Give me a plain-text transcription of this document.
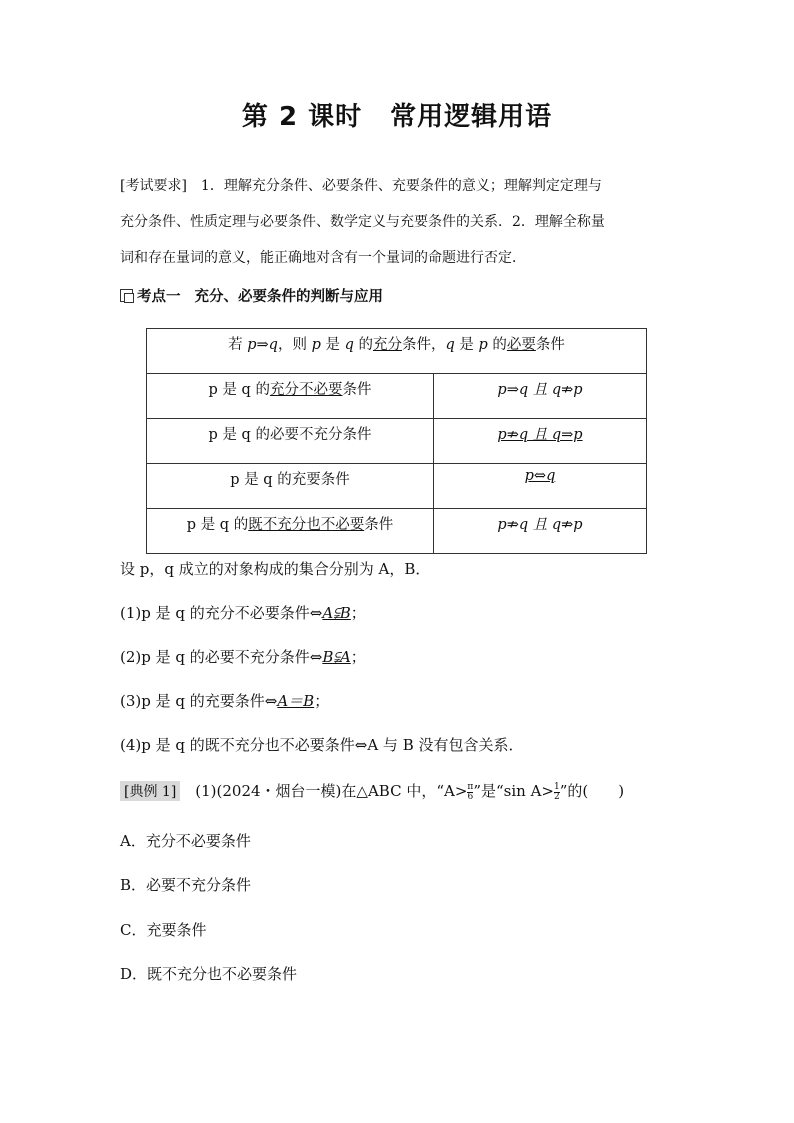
第 2 课时 常用逻辑用语

[考试要求]　1．理解充分条件、必要条件、充要条件的意义；理解判定定理与

充分条件、性质定理与必要条件、数学定义与充要条件的关系．2．理解全称量

词和存在量词的意义，能正确地对含有一个量词的命题进行否定．

考点一 充分、必要条件的判断与应用
若 p⇒q，则 p 是 q 的充分条件，q 是 p 的必要条件	
p 是 q 的充分不必要条件	p⇒q 且 q⇏p
p 是 q 的必要不充分条件	p⇏q 且 q⇒p
p 是 q 的充要条件	p⇔q
p 是 q 的既不充分也不必要条件	p⇏q 且 q⇏p
设 p，q 成立的对象构成的集合分别为 A，B．
(1)p 是 q 的充分不必要条件⇔A⫋B；
(2)p 是 q 的必要不充分条件⇔B⫋A；
(3)p 是 q 的充要条件⇔A＝B；
(4)p 是 q 的既不充分也不必要条件⇔A 与 B 没有包含关系．
[典例 1]　(1)(2024・烟台一模)在△ABC 中，“$A> \frac{\pi}{6}$ ”是“sin $A> \frac{1}{2}$ ”的(　　)
A．充分不必要条件
B．必要不充分条件
C．充要条件
D．既不充分也不必要条件
